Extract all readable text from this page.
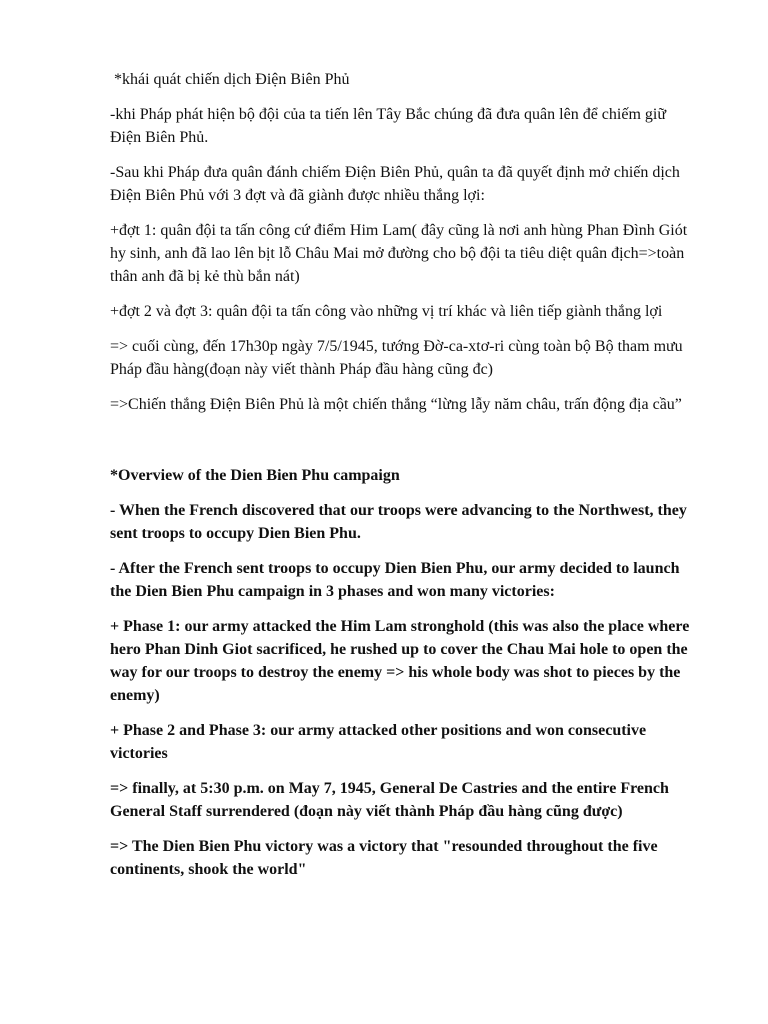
*khái quát chiến dịch Điện Biên Phủ

-khi Pháp phát hiện bộ đội của ta tiến lên Tây Bắc chúng đã đưa quân lên để chiếm giữ Điện Biên Phủ.

-Sau khi Pháp đưa quân đánh chiếm Điện Biên Phủ, quân ta đã quyết định mở chiến dịch Điện Biên Phủ với 3 đợt và đã giành được nhiều thắng lợi:

+đợt 1: quân đội ta tấn công cứ điểm Him Lam( đây cũng là nơi anh hùng Phan Đình Giót hy sinh, anh đã lao lên bịt lỗ Châu Mai mở đường cho bộ đội ta tiêu diệt quân địch=>toàn thân anh đã bị kẻ thù bắn nát)

+đợt 2 và đợt 3: quân đội ta tấn công vào những vị trí khác và liên tiếp giành thắng lợi

=> cuối cùng, đến 17h30p ngày 7/5/1945, tướng Đờ-ca-xtơ-ri cùng toàn bộ Bộ tham mưu Pháp đầu hàng(đoạn này viết thành Pháp đầu hàng cũng đc)

=>Chiến thắng Điện Biên Phủ là một chiến thắng “lừng lẫy năm châu, trấn động địa cầu”

*Overview of the Dien Bien Phu campaign

- When the French discovered that our troops were advancing to the Northwest, they sent troops to occupy Dien Bien Phu.

- After the French sent troops to occupy Dien Bien Phu, our army decided to launch the Dien Bien Phu campaign in 3 phases and won many victories:

+ Phase 1: our army attacked the Him Lam stronghold (this was also the place where hero Phan Dinh Giot sacrificed, he rushed up to cover the Chau Mai hole to open the way for our troops to destroy the enemy => his whole body was shot to pieces by the enemy)

+ Phase 2 and Phase 3: our army attacked other positions and won consecutive victories

=> finally, at 5:30 p.m. on May 7, 1945, General De Castries and the entire French General Staff surrendered (đoạn này viết thành Pháp đầu hàng cũng được)

=> The Dien Bien Phu victory was a victory that "resounded throughout the five continents, shook the world"
